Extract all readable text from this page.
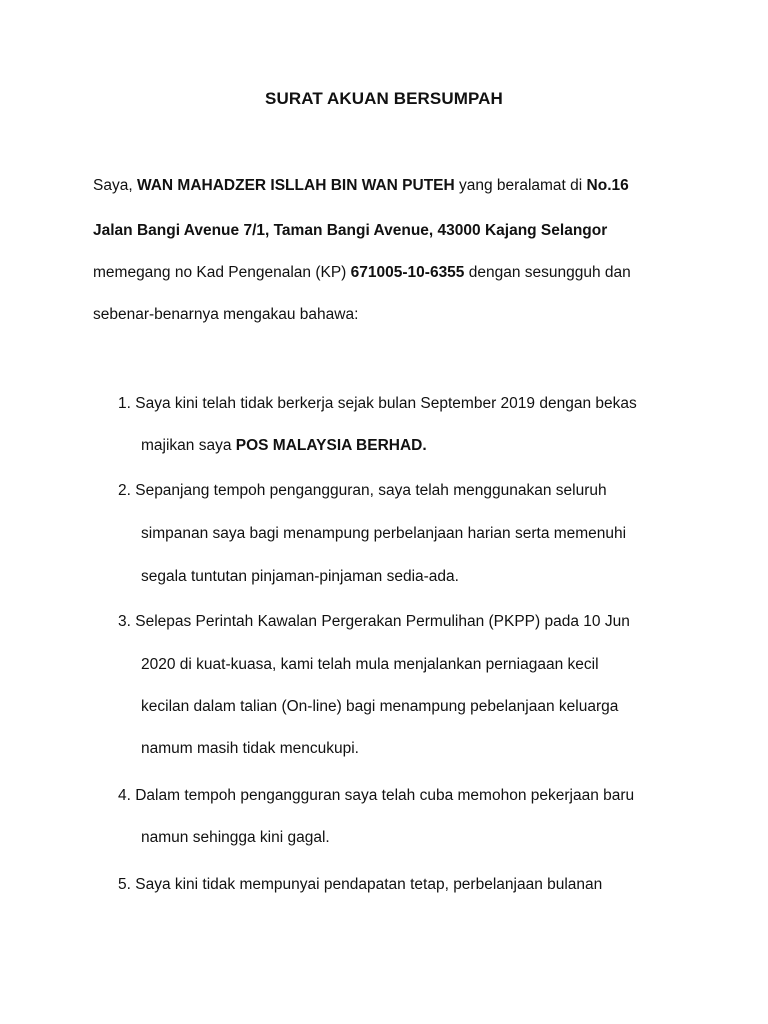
SURAT AKUAN BERSUMPAH
Saya, WAN MAHADZER ISLLAH BIN WAN PUTEH yang beralamat di No.16
Jalan Bangi Avenue 7/1, Taman Bangi Avenue, 43000 Kajang Selangor
memegang no Kad Pengenalan (KP) 671005-10-6355 dengan sesungguh dan
sebenar-benarnya mengakau bahawa:
1. Saya kini telah tidak berkerja sejak bulan September 2019 dengan bekas
majikan saya POS MALAYSIA BERHAD.
2. Sepanjang tempoh pengangguran, saya telah menggunakan seluruh
simpanan saya bagi menampung perbelanjaan harian serta memenuhi
segala tuntutan pinjaman-pinjaman sedia-ada.
3. Selepas Perintah Kawalan Pergerakan Permulihan (PKPP) pada 10 Jun
2020 di kuat-kuasa, kami telah mula menjalankan perniagaan kecil
kecilan dalam talian (On-line) bagi menampung pebelanjaan keluarga
namum masih tidak mencukupi.
4. Dalam tempoh pengangguran saya telah cuba memohon pekerjaan baru
namun sehingga kini gagal.
5. Saya kini tidak mempunyai pendapatan tetap, perbelanjaan bulanan
